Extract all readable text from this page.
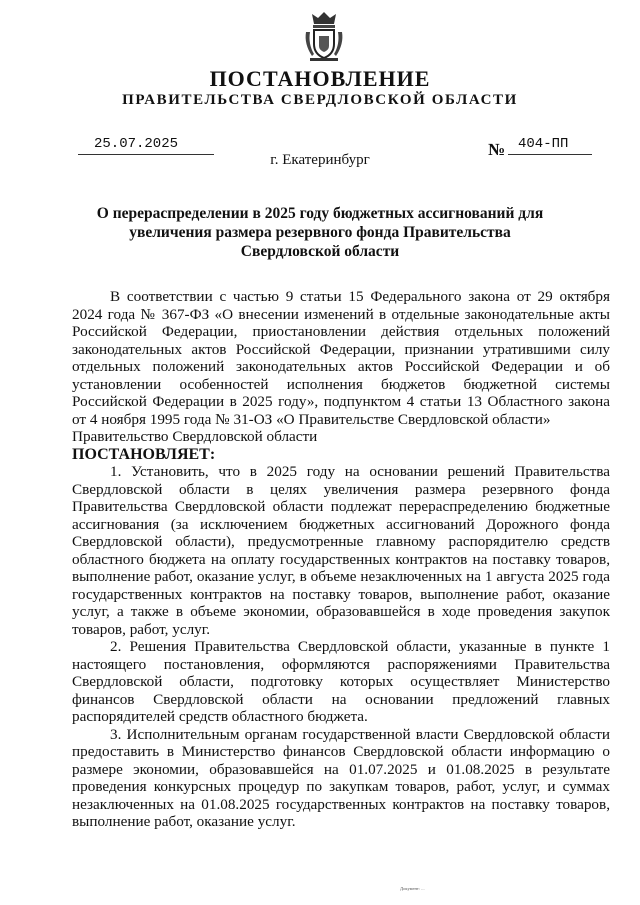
ПОСТАНОВЛЕНИЕ
ПРАВИТЕЛЬСТВА СВЕРДЛОВСКОЙ ОБЛАСТИ
25.07.2025	№ 404-ПП
г. Екатеринбург
О перераспределении в 2025 году бюджетных ассигнований для увеличения размера резервного фонда Правительства Свердловской области

В соответствии с частью 9 статьи 15 Федерального закона от 29 октября 2024 года № 367-ФЗ «О внесении изменений в отдельные законодательные акты Российской Федерации, приостановлении действия отдельных положений законодательных актов Российской Федерации, признании утратившими силу отдельных положений законодательных актов Российской Федерации и об установлении особенностей исполнения бюджетов бюджетной системы Российской Федерации в 2025 году», подпунктом 4 статьи 13 Областного закона от 4 ноября 1995 года № 31-ОЗ «О Правительстве Свердловской области»

Правительство Свердловской области

ПОСТАНОВЛЯЕТ:

1. Установить, что в 2025 году на основании решений Правительства Свердловской области в целях увеличения размера резервного фонда Правительства Свердловской области подлежат перераспределению бюджетные ассигнования (за исключением бюджетных ассигнований Дорожного фонда Свердловской области), предусмотренные главному распорядителю средств областного бюджета на оплату государственных контрактов на поставку товаров, выполнение работ, оказание услуг, в объеме незаключенных на 1 августа 2025 года государственных контрактов на поставку товаров, выполнение работ, оказание услуг, а также в объеме экономии, образовавшейся в ходе проведения закупок товаров, работ, услуг.

2. Решения Правительства Свердловской области, указанные в пункте 1 настоящего постановления, оформляются распоряжениями Правительства Свердловской области, подготовку которых осуществляет Министерство финансов Свердловской области на основании предложений главных распорядителей средств областного бюджета.

3. Исполнительным органам государственной власти Свердловской области предоставить в Министерство финансов Свердловской области информацию о размере экономии, образовавшейся на 01.07.2025 и 01.08.2025 в результате проведения конкурсных процедур по закупкам товаров, работ, услуг, и суммах незаключенных на 01.08.2025 государственных контрактов на поставку товаров, выполнение работ, оказание услуг.

Документ: ...
